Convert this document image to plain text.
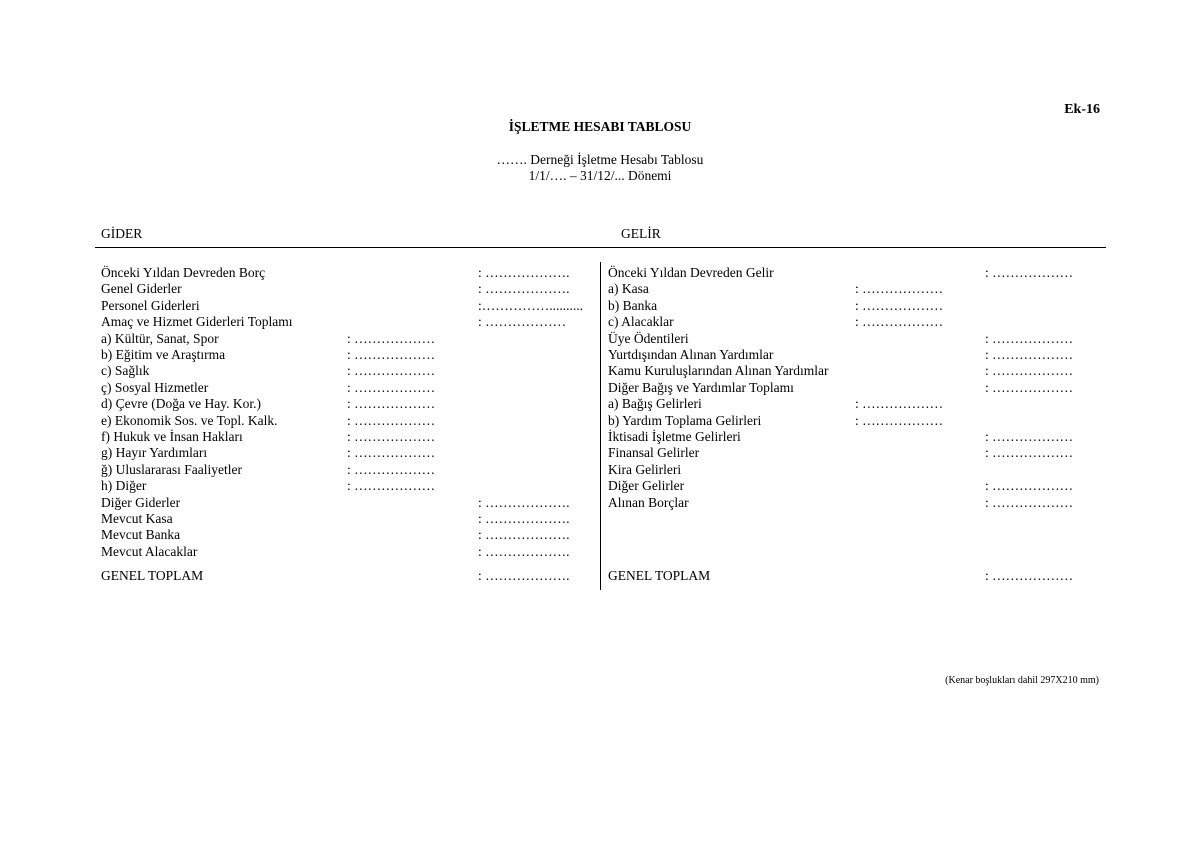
Ek-16
İŞLETME HESABI TABLOSU
……. Derneği İşletme Hesabı Tablosu
1/1/…. – 31/12/... Dönemi
GİDER	GELİR
Önceki Yıldan Devreden Borç	: ……………….
Genel Giderler	: ……………….
Personel Giderleri	:……………..........
Amaç ve Hizmet Giderleri Toplamı	: ………………
a) Kültür, Sanat, Spor	: ………………
b) Eğitim ve Araştırma	: ………………
c) Sağlık	: ………………
ç) Sosyal Hizmetler	: ………………
d) Çevre (Doğa ve Hay. Kor.)	: ………………
e) Ekonomik Sos. ve Topl. Kalk.	: ………………
f) Hukuk ve İnsan Hakları	: ………………
g) Hayır Yardımları	: ………………
ğ) Uluslararası Faaliyetler	: ………………
h) Diğer	: ………………
Diğer Giderler	: ……………….
Mevcut Kasa	: ……………….
Mevcut Banka	: ……………….
Mevcut Alacaklar	: ……………….
GENEL TOPLAM	: ……………….
Önceki Yıldan Devreden Gelir	: ………………
a) Kasa	: ………………
b) Banka	: ………………
c) Alacaklar	: ………………
Üye Ödentileri	: ………………
Yurtdışından Alınan Yardımlar	: ………………
Kamu Kuruluşlarından Alınan Yardımlar	: ………………
Diğer Bağış ve Yardımlar Toplamı	: ………………
a) Bağış Gelirleri	: ………………
b) Yardım Toplama Gelirleri	: ………………
İktisadi İşletme Gelirleri	: ………………
Finansal Gelirler	: ………………
Kira Gelirleri
Diğer Gelirler	: ………………
Alınan Borçlar	: ………………
GENEL TOPLAM	: ………………
(Kenar boşlukları dahil 297X210 mm)
